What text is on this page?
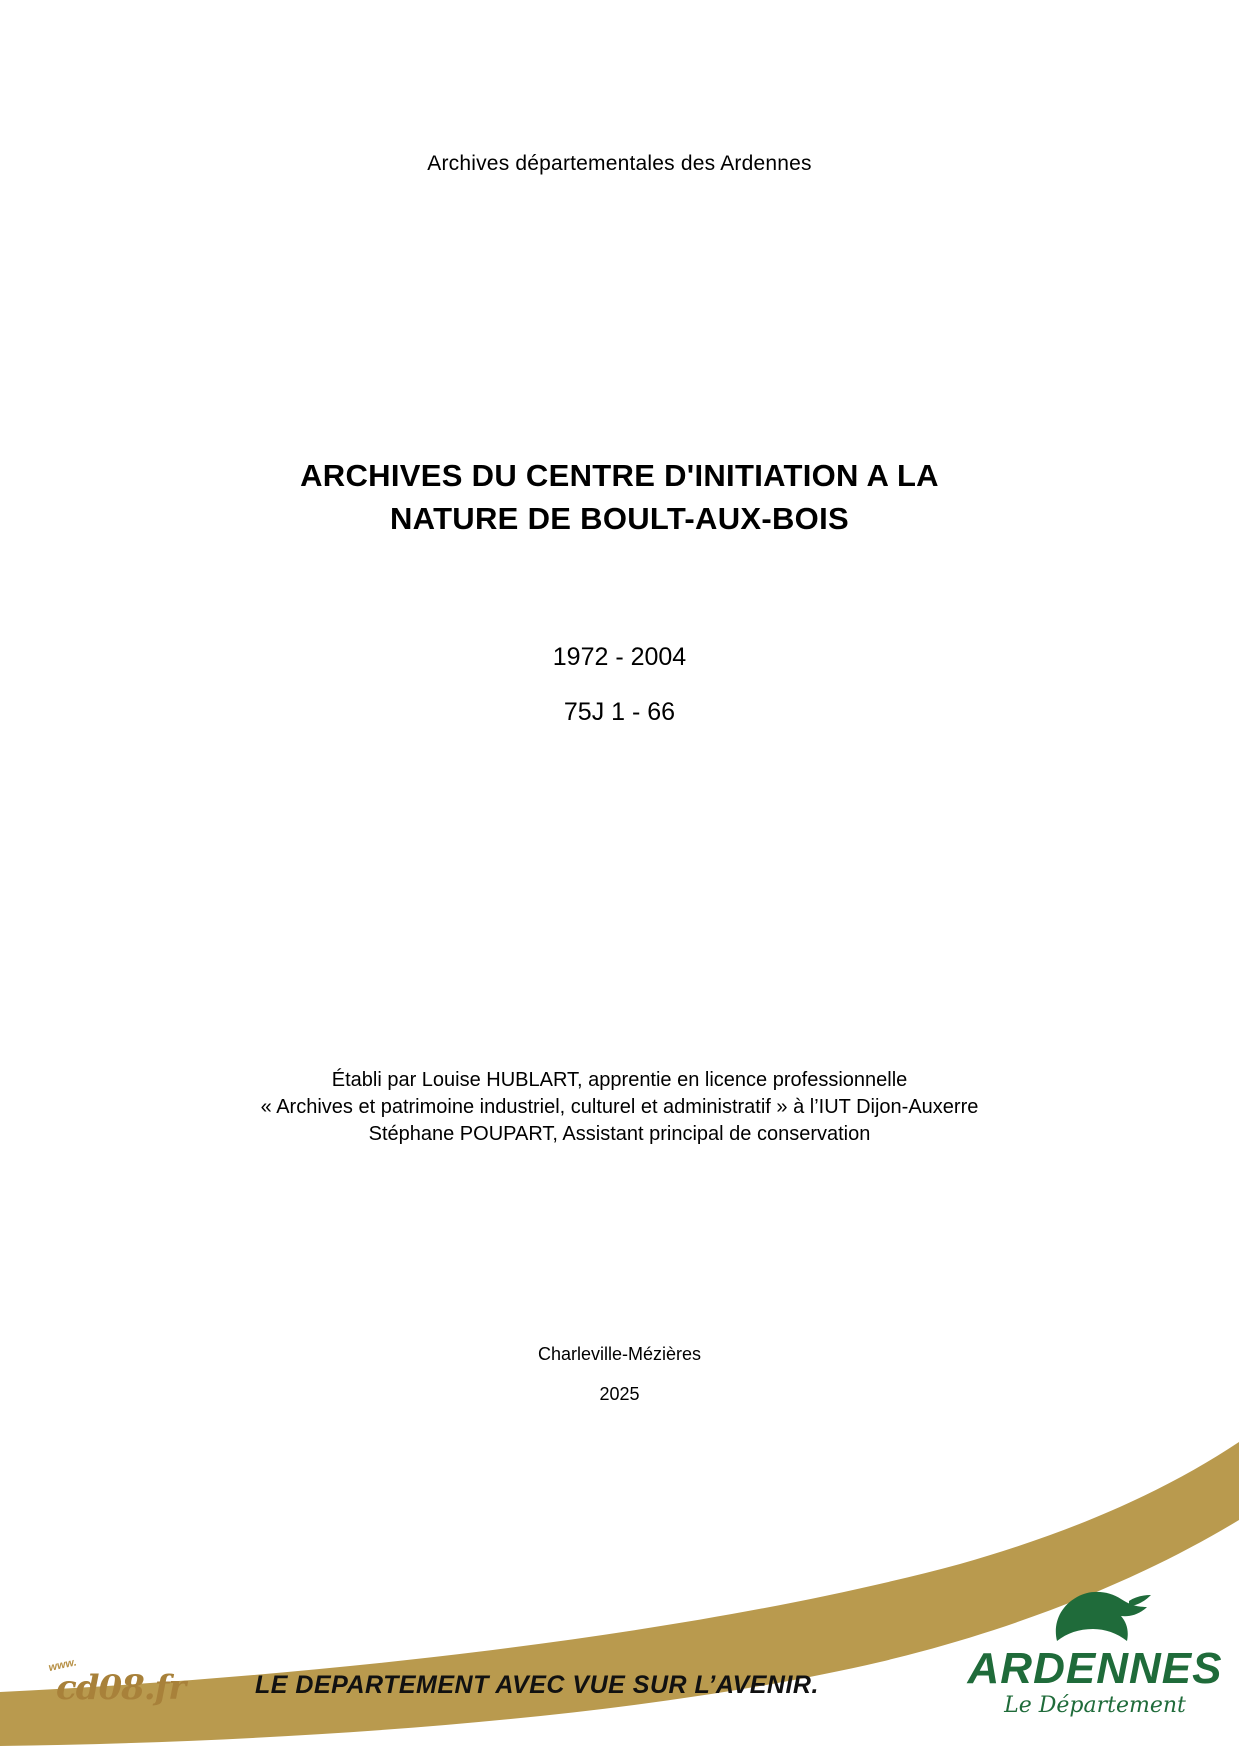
Archives départementales des Ardennes
ARCHIVES DU CENTRE D'INITIATION A LA
NATURE DE BOULT-AUX-BOIS
1972 - 2004
75J 1 - 66
Établi par Louise HUBLART, apprentie en licence professionnelle
« Archives et patrimoine industriel, culturel et administratif » à l’IUT Dijon-Auxerre
Stéphane POUPART, Assistant principal de conservation
Charleville-Mézières
2025
www.
cd08.fr	LE DEPARTEMENT AVEC VUE SUR L’AVENIR.	ARDENNES
Le Département
